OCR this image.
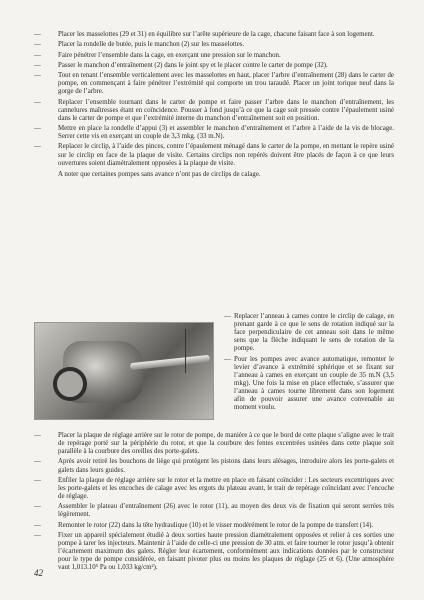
—	Placer les masselottes (29 et 31) en équilibre sur l’arête supérieure de la cage, chacune faisant face à son logement.
—	Placer la rondelle de butée, puis le manchon (2) sur les masselottes.
—	Faire pénétrer l’ensemble dans la cage, en exerçant une pression sur le manchon.
—	Passer le manchon d’entraînement (2) dans le joint spy et le placer contre le carter de pompe (32).
—	Tout en tenant l’ensemble verticalement avec les masselottes en haut, placer l’arbre d’entraînement (28) dans le carter de pompe, en commençant à faire pénétrer l’extrémité qui comporte un trou taraudé. Placer un joint torique neuf dans la gorge de l’arbre.
—	Replacer l’ensemble tournant dans le carter de pompe et faire passer l’arbre dans le manchon d’entraînement, les cannelures maîtresses étant en coïncidence. Pousser à fond jusqu’à ce que la cage soit pressée contre l’épaulement usiné dans le carter de pompe et que l’extrémité interne du manchon d’entraînement soit en position.
—	Mettre en place la rondelle d’appui (3) et assembler le manchon d’entraînement et l’arbre à l’aide de la vis de blocage. Serrer cette vis en exerçant un couple de 3,3 mkg. (33 m.N).
—	Replacer le circlip, à l’aide des pinces, contre l’épaulement ménagé dans le carter de la pompe, en mettant le repère usiné sur le circlip en face de la plaque de visite. Certains circlips non repérés doivent être placés de façon à ce que leurs ouvertures soient diamétralement opposées à la plaque de visite.
A noter que certaines pompes sans avance n’ont pas de circlips de calage.
— Replacer l’anneau à cames contre le circlip de calage, en prenant garde à ce que le sens de rotation indiqué sur la face perpendiculaire de cet anneau soit dans le même sens que la flèche indiquant le sens de rotation de la pompe.
— Pour les pompes avec avance automatique, remonter le levier d’avance à extrémité sphérique et se fixant sur l’anneau à cames en exerçant un couple de 35 m.N (3,5 mkg). Une fois la mise en place effectuée, s’assurer que l’anneau à cames tourne librement dans son logement afin de pouvoir assurer une avance convenable au moment voulu.
—	Placer la plaque de réglage arrière sur le rotor de pompe, de manière à ce que le bord de cette plaque s’aligne avec le trait de repérage porté sur la périphérie du rotor, et que la courbure des fentes excentrées usinées dans cette plaque soit parallèle à la courbure des oreilles des porte-galets.
—	Après avoir retiré les bouchons de liège qui protègent les pistons dans leurs alésages, introduire alors les porte-galets et galets dans leurs guides.
—	Enfiler la plaque de réglage arrière sur le rotor et la mettre en place en faisant coïncider : Les secteurs excentriques avec les porte-galets et les encoches de calage avec les ergots du plateau avant, le trait de repérage coïncidant avec l’encoche de réglage.
—	Assembler le plateau d’entraînement (26) avec le rotor (11), au moyen des deux vis de fixation qui seront serrées très légèrement.
—	Remonter le rotor (22) dans la tête hydraulique (10) et le visser modérément le rotor de la pompe de transfert (14).
—	Fixer un appareil spécialement étudié à deux sorties haute pression diamétralement opposées et relier à ces sorties une pompe à tarer les injecteurs. Maintenir à l’aide de celle-ci une pression de 30 atm. et faire tourner le rotor jusqu’à obtenir l’écartement maximum des galets. Régler leur écartement, conformément aux indications données par le constructeur pour le type de pompe considérée, en faisant pivoter plus ou moins les plaques de réglage (25 et 6). (Une atmosphère vaut 1,013.10⁵ Pa ou 1,033 kg/cm²).
42
